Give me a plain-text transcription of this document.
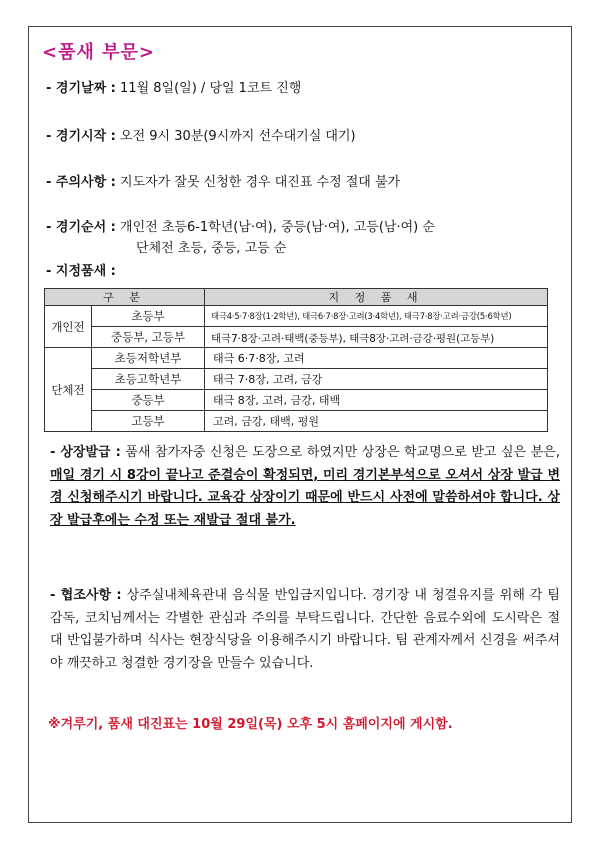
<품새 부문>
- 경기날짜 : 11월 8일(일) / 당일 1코트 진행
- 경기시작 : 오전 9시 30분(9시까지 선수대기실 대기)
- 주의사항 : 지도자가 잘못 신청한 경우 대진표 수정 절대 불가
- 경기순서 : 개인전 초등6-1학년(남·여), 중등(남·여), 고등(남·여) 순
단체전 초등, 중등, 고등 순
- 지정품새 :
구 분		지 정 품 새
개인전	초등부	태극4·5·7·8장(1·2학년), 태극6·7·8장·고려(3·4학년), 태극7·8장·고려·금강(5·6학년)
	중등부, 고등부	태극7·8장·고려·태백(중등부), 태극8장·고려·금강·평원(고등부)
단체전	초등저학년부	태극 6·7·8장, 고려
	초등고학년부	태극 7·8장, 고려, 금강
	중등부	태극 8장, 고려, 금강, 태백
	고등부	고려, 금강, 태백, 평원
- 상장발급 : 품새 참가자중 신청은 도장으로 하였지만 상장은 학교명으로 받고 싶은 분은, 매일 경기 시 8강이 끝나고 준결승이 확정되면, 미리 경기본부석으로 오셔서 상장 발급 변경 신청해주시기 바랍니다. 교육감 상장이기 때문에 반드시 사전에 말씀하셔야 합니다. 상장 발급후에는 수정 또는 재발급 절대 불가.
- 협조사항 : 상주실내체육관내 음식물 반입금지입니다. 경기장 내 청결유지를 위해 각 팀 감독, 코치님께서는 각별한 관심과 주의를 부탁드립니다. 간단한 음료수외에 도시락은 절대 반입불가하며 식사는 현장식당을 이용해주시기 바랍니다. 팀 관계자께서 신경을 써주셔야 깨끗하고 청결한 경기장을 만들수 있습니다.
※겨루기, 품새 대진표는 10월 29일(목) 오후 5시 홈페이지에 게시함.
